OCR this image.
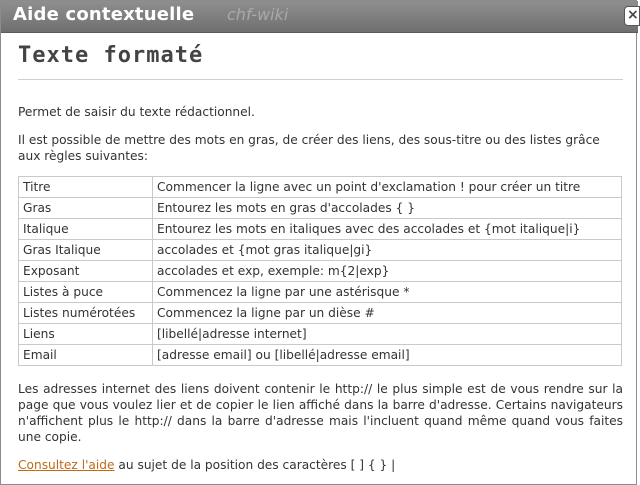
Aide contextuelle chf-wiki	×
Texte formaté

Permet de saisir du texte rédactionnel.

Il est possible de mettre des mots en gras, de créer des liens, des sous-titre ou des listes grâce aux règles suivantes:

Titre	Commencer la ligne avec un point d'exclamation ! pour créer un titre
Gras	Entourez les mots en gras d'accolades { }
Italique	Entourez les mots en italiques avec des accolades et {mot italique|i}
Gras Italique	accolades et {mot gras italique|gi}
Exposant	accolades et exp, exemple: m{2|exp}
Listes à puce	Commencez la ligne par une astérisque *
Listes numérotées	Commencez la ligne par un dièse #
Liens	[libellé|adresse internet]
Email	[adresse email] ou [libellé|adresse email]

Les adresses internet des liens doivent contenir le http:// le plus simple est de vous rendre sur la page que vous voulez lier et de copier le lien affiché dans la barre d'adresse. Certains navigateurs n'affichent plus le http:// dans la barre d'adresse mais l'incluent quand même quand vous faites une copie.

Consultez l'aide au sujet de la position des caractères [ ] { } |
